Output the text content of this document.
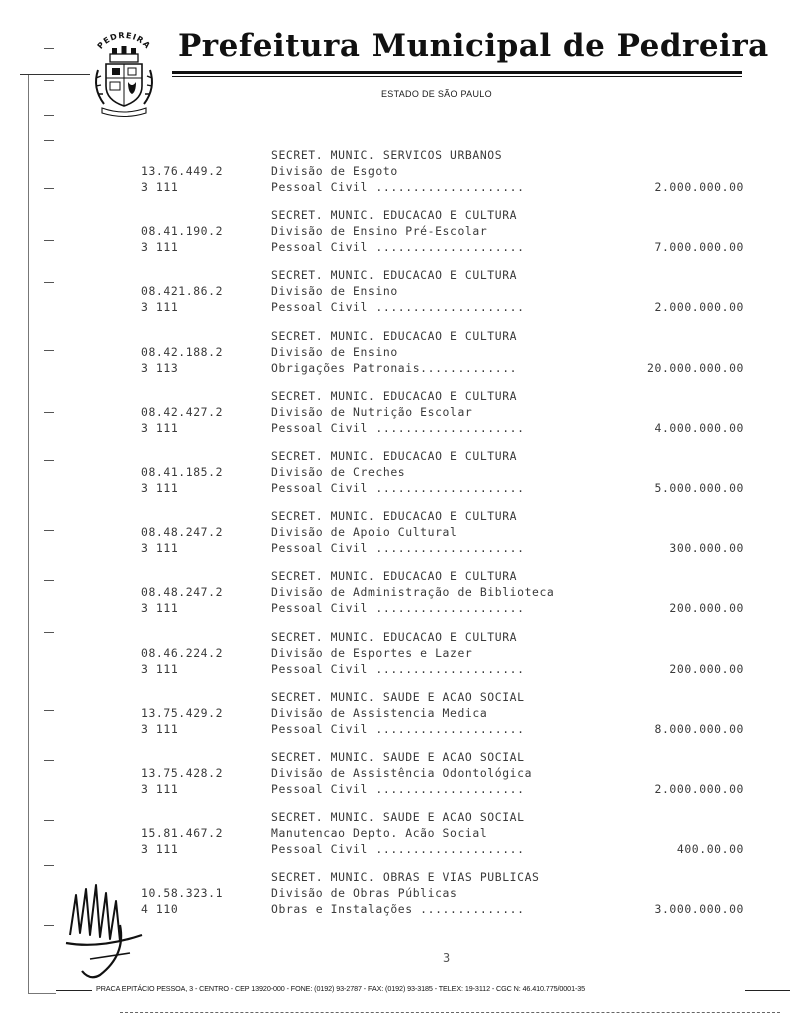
PEDREIRA Prefeitura Municipal de Pedreira
ESTADO DE SÃO PAULO
SECRET. MUNIC. SERVICOS URBANOS
13.76.449.2	Divisão de Esgoto
3 111	Pessoal Civil ....................	2.000.000.00
SECRET. MUNIC. EDUCACAO E CULTURA
08.41.190.2	Divisão de Ensino Pré-Escolar
3 111	Pessoal Civil ....................	7.000.000.00
SECRET. MUNIC. EDUCACAO E CULTURA
08.421.86.2	Divisão de Ensino
3 111	Pessoal Civil ....................	2.000.000.00
SECRET. MUNIC. EDUCACAO E CULTURA
08.42.188.2	Divisão de Ensino
3 113	Obrigações Patronais.............	20.000.000.00
SECRET. MUNIC. EDUCACAO E CULTURA
08.42.427.2	Divisão de Nutrição Escolar
3 111	Pessoal Civil ....................	4.000.000.00
SECRET. MUNIC. EDUCACAO E CULTURA
08.41.185.2	Divisão de Creches
3 111	Pessoal Civil ....................	5.000.000.00
SECRET. MUNIC. EDUCACAO E CULTURA
08.48.247.2	Divisão de Apoio Cultural
3 111	Pessoal Civil ....................	300.000.00
SECRET. MUNIC. EDUCACAO E CULTURA
08.48.247.2	Divisão de Administração de Biblioteca
3 111	Pessoal Civil ....................	200.000.00
SECRET. MUNIC. EDUCACAO E CULTURA
08.46.224.2	Divisão de Esportes e Lazer
3 111	Pessoal Civil ....................	200.000.00
SECRET. MUNIC. SAUDE E ACAO SOCIAL
13.75.429.2	Divisão de Assistencia Medica
3 111	Pessoal Civil ....................	8.000.000.00
SECRET. MUNIC. SAUDE E ACAO SOCIAL
13.75.428.2	Divisão de Assistência Odontológica
3 111	Pessoal Civil ....................	2.000.000.00
SECRET. MUNIC. SAUDE E ACAO SOCIAL
15.81.467.2	Manutencao Depto. Acão Social
3 111	Pessoal Civil ....................	400.00.00
SECRET. MUNIC. OBRAS E VIAS PUBLICAS
10.58.323.1	Divisão de Obras Públicas
4 110	Obras e Instalações ..............	3.000.000.00
3
PRACA EPITÁCIO PESSOA, 3 - CENTRO - CEP 13920-000 - FONE: (0192) 93-2787 - FAX: (0192) 93-3185 - TELEX: 19-3112 - CGC N: 46.410.775/0001-35
